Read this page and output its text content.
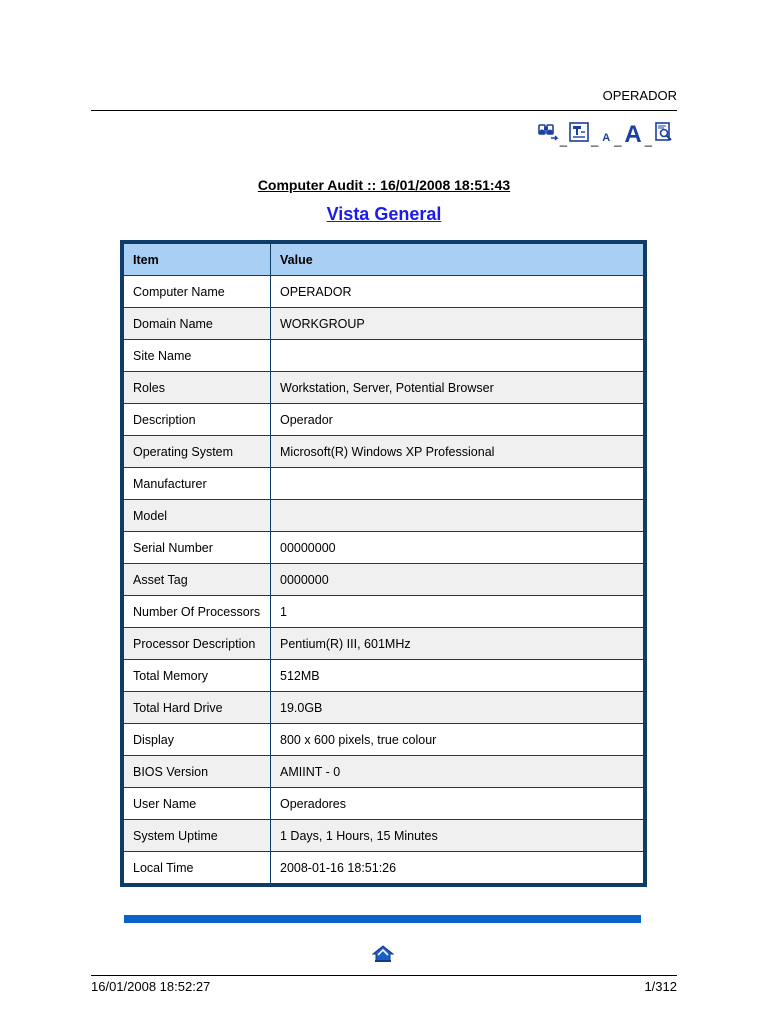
OPERADOR
_ _ A _ A _
Computer Audit :: 16/01/2008 18:51:43
Vista General
Item	Value
Computer Name	OPERADOR
Domain Name	WORKGROUP
Site Name	
Roles	Workstation, Server, Potential Browser
Description	Operador
Operating System	Microsoft(R) Windows XP Professional
Manufacturer	
Model	
Serial Number	00000000
Asset Tag	0000000
Number Of Processors	1
Processor Description	Pentium(R) III, 601MHz
Total Memory	512MB
Total Hard Drive	19.0GB
Display	800 x 600 pixels, true colour
BIOS Version	AMIINT - 0
User Name	Operadores
System Uptime	1 Days, 1 Hours, 15 Minutes
Local Time	2008-01-16 18:51:26
16/01/2008 18:52:27	1/312
